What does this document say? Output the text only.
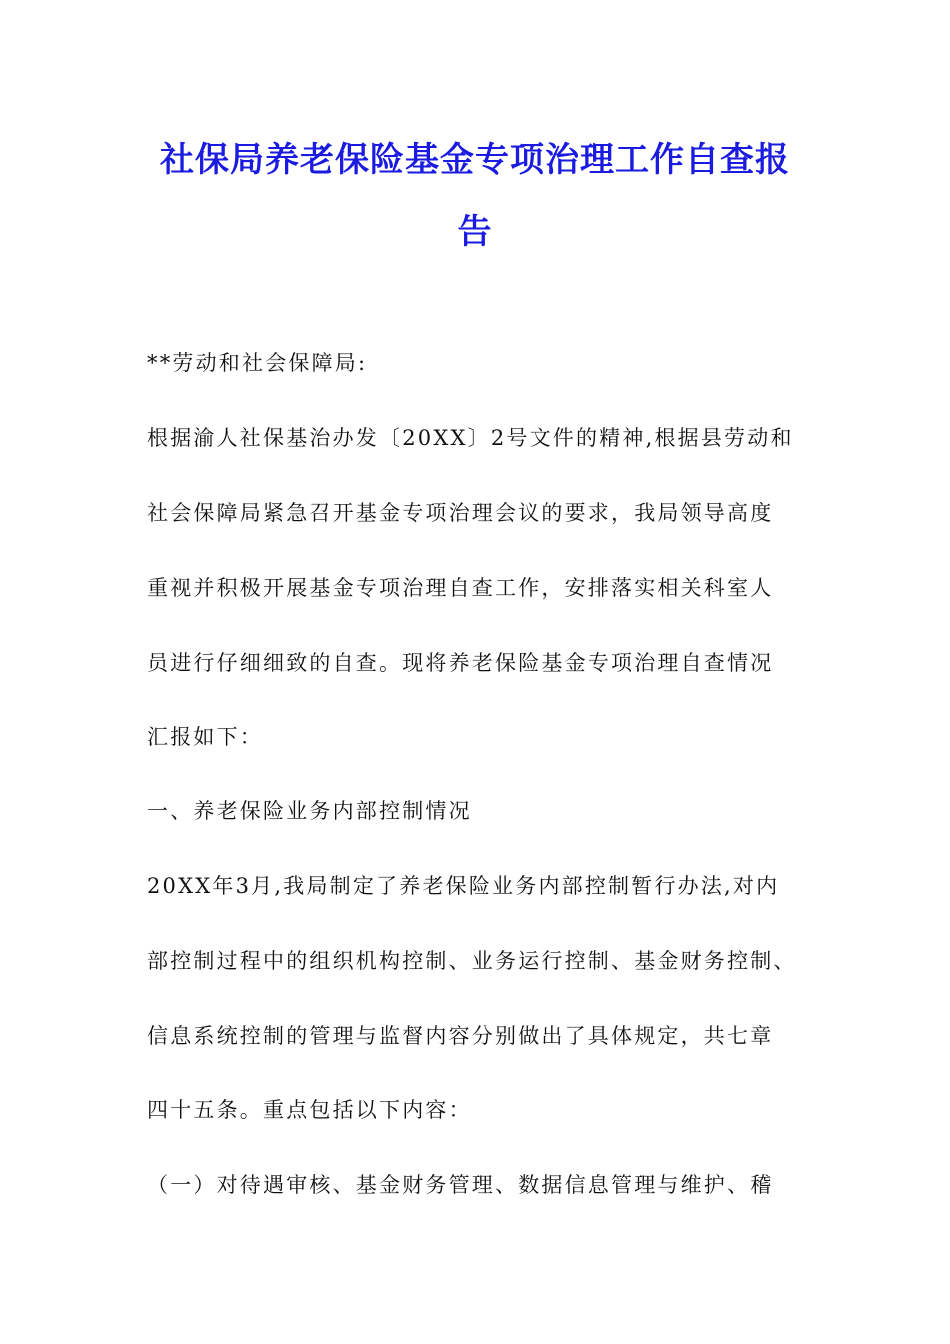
社保局养老保险基金专项治理工作自查报
告
**劳动和社会保障局:
根据渝人社保基治办发〔20XX〕2号文件的精神,根据县劳动和
社会保障局紧急召开基金专项治理会议的要求，我局领导高度
重视并积极开展基金专项治理自查工作，安排落实相关科室人
员进行仔细细致的自查。现将养老保险基金专项治理自查情况
汇报如下：
一、养老保险业务内部控制情况
20XX年3月,我局制定了养老保险业务内部控制暂行办法,对内
部控制过程中的组织机构控制、业务运行控制、基金财务控制、
信息系统控制的管理与监督内容分别做出了具体规定，共七章
四十五条。重点包括以下内容：
（一）对待遇审核、基金财务管理、数据信息管理与维护、稽
